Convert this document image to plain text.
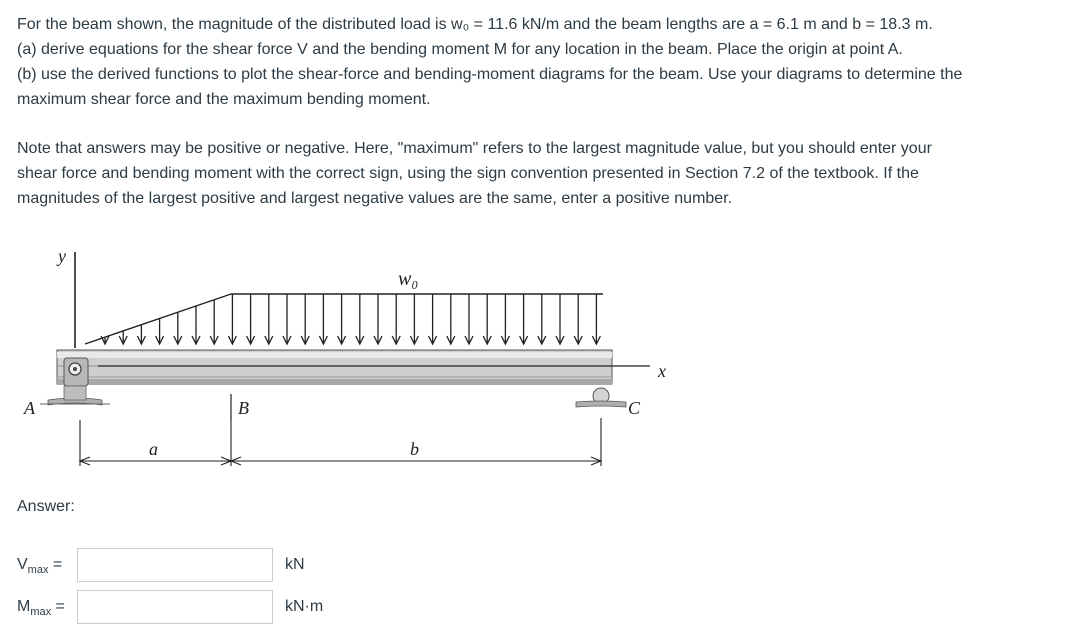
For the beam shown, the magnitude of the distributed load is w₀ = 11.6 kN/m and the beam lengths are a = 6.1 m and b = 18.3 m.
(a) derive equations for the shear force V and the bending moment M for any location in the beam. Place the origin at point A.
(b) use the derived functions to plot the shear-force and bending-moment diagrams for the beam. Use your diagrams to determine the
maximum shear force and the maximum bending moment.
Note that answers may be positive or negative. Here, "maximum" refers to the largest magnitude value, but you should enter your
shear force and bending moment with the correct sign, using the sign convention presented in Section 7.2 of the textbook. If the
magnitudes of the largest positive and largest negative values are the same, enter a positive number.
y
w₀
x
A	C
B
a	b
Answer:
$V_{max}$ =	kN
$M_{max}$ =	kN·m
